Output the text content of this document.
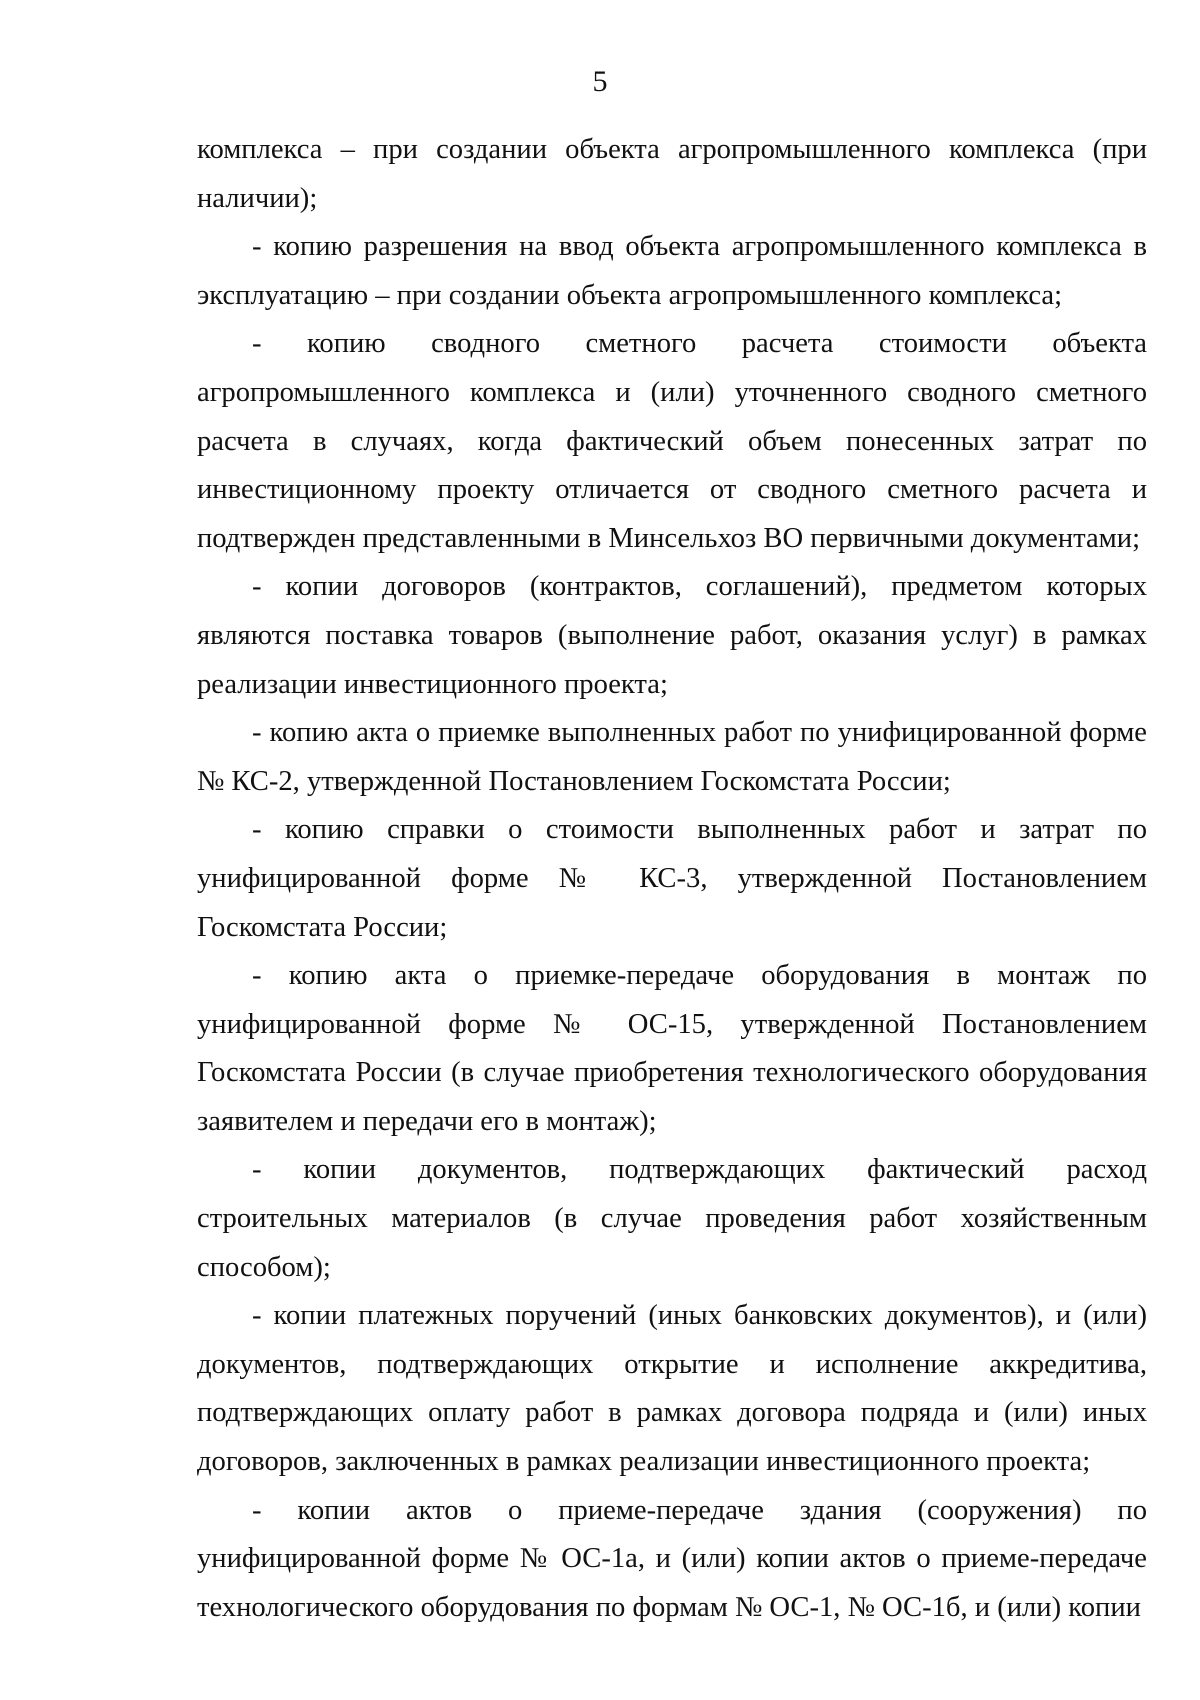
5

комплекса – при создании объекта агропромышленного комплекса (при наличии);

- копию разрешения на ввод объекта агропромышленного комплекса в эксплуатацию – при создании объекта агропромышленного комплекса;

- копию сводного сметного расчета стоимости объекта агропромышленного комплекса и (или) уточненного сводного сметного расчета в случаях, когда фактический объем понесенных затрат по инвестиционному проекту отличается от сводного сметного расчета и подтвержден представленными в Минсельхоз ВО первичными документами;

- копии договоров (контрактов, соглашений), предметом которых являются поставка товаров (выполнение работ, оказания услуг) в рамках реализации инвестиционного проекта;

- копию акта о приемке выполненных работ по унифицированной форме № КС-2, утвержденной Постановлением Госкомстата России;

- копию справки о стоимости выполненных работ и затрат по унифицированной форме № КС-3, утвержденной Постановлением Госкомстата России;

- копию акта о приемке-передаче оборудования в монтаж по унифицированной форме № ОС-15, утвержденной Постановлением Госкомстата России (в случае приобретения технологического оборудования заявителем и передачи его в монтаж);

- копии документов, подтверждающих фактический расход строительных материалов (в случае проведения работ хозяйственным способом);

- копии платежных поручений (иных банковских документов), и (или) документов, подтверждающих открытие и исполнение аккредитива, подтверждающих оплату работ в рамках договора подряда и (или) иных договоров, заключенных в рамках реализации инвестиционного проекта;

- копии актов о приеме-передаче здания (сооружения) по унифицированной форме № ОС-1а, и (или) копии актов о приеме-передаче технологического оборудования по формам № ОС-1, № ОС-1б, и (или) копии
